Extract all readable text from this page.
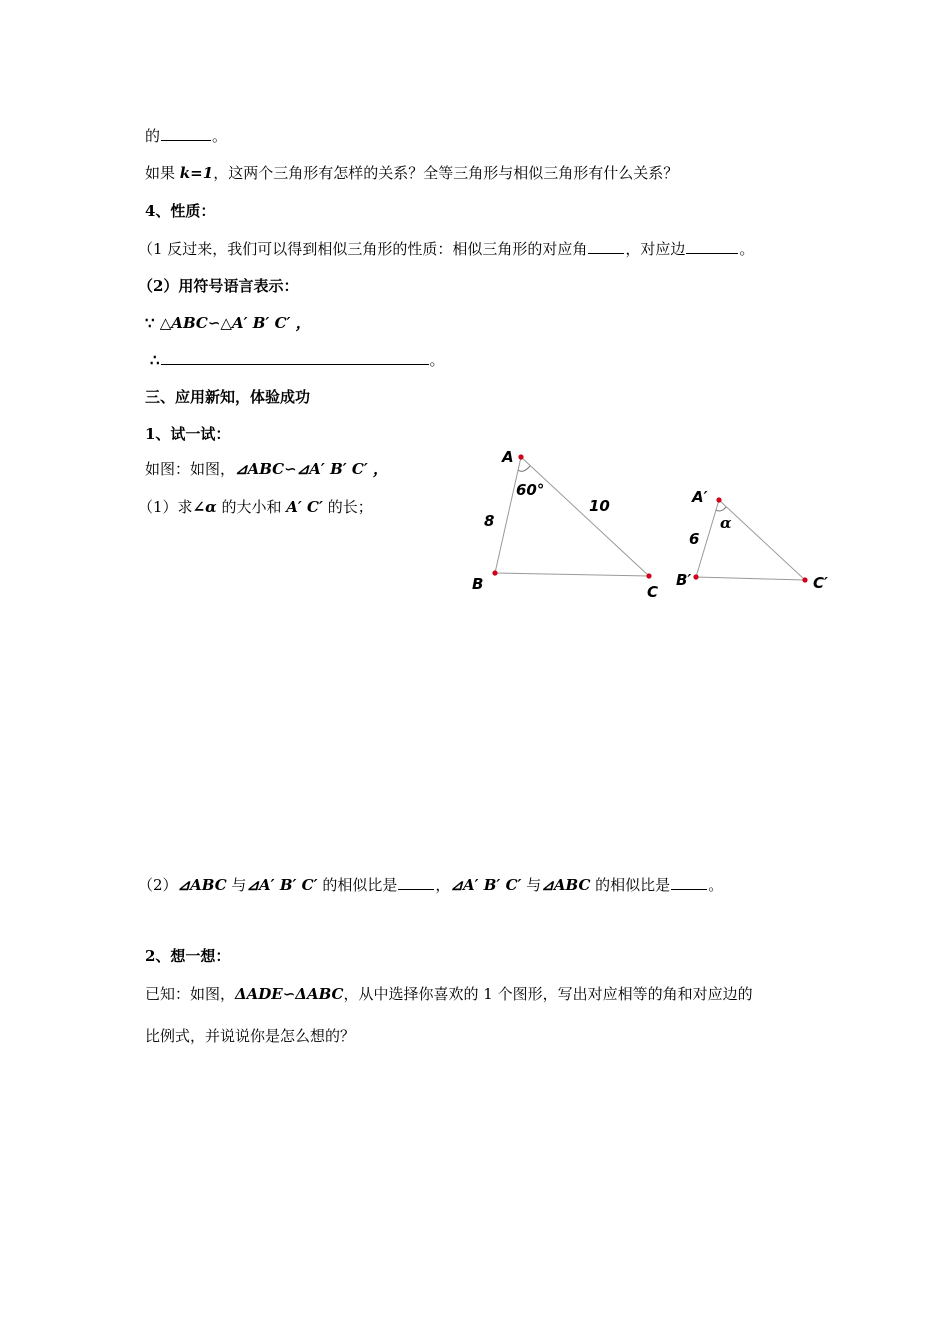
的	。
如果 k=1，这两个三角形有怎样的关系？全等三角形与相似三角形有什么关系？
4、性质：
（1 反过来，我们可以得到相似三角形的性质：相似三角形的对应角	，对应边	。
（2）用符号语言表示：
∵ △ABC∽△A′ B′ C′ ，
∴	。
三、应用新知，体验成功
1、试一试：
如图：如图，⊿ABC∽⊿A′ B′ C′ ，
（1）求∠α 的大小和 A′ C′ 的长；
A
B	C
60°
8
10	A′
B′	C′
α
6
（2）⊿ABC 与⊿A′ B′ C′ 的相似比是	，⊿A′ B′ C′ 与⊿ABC 的相似比是	。
2、想一想：
已知：如图，ΔADE∽ΔABC，从中选择你喜欢的 1 个图形，写出对应相等的角和对应边的
比例式，并说说你是怎么想的？
